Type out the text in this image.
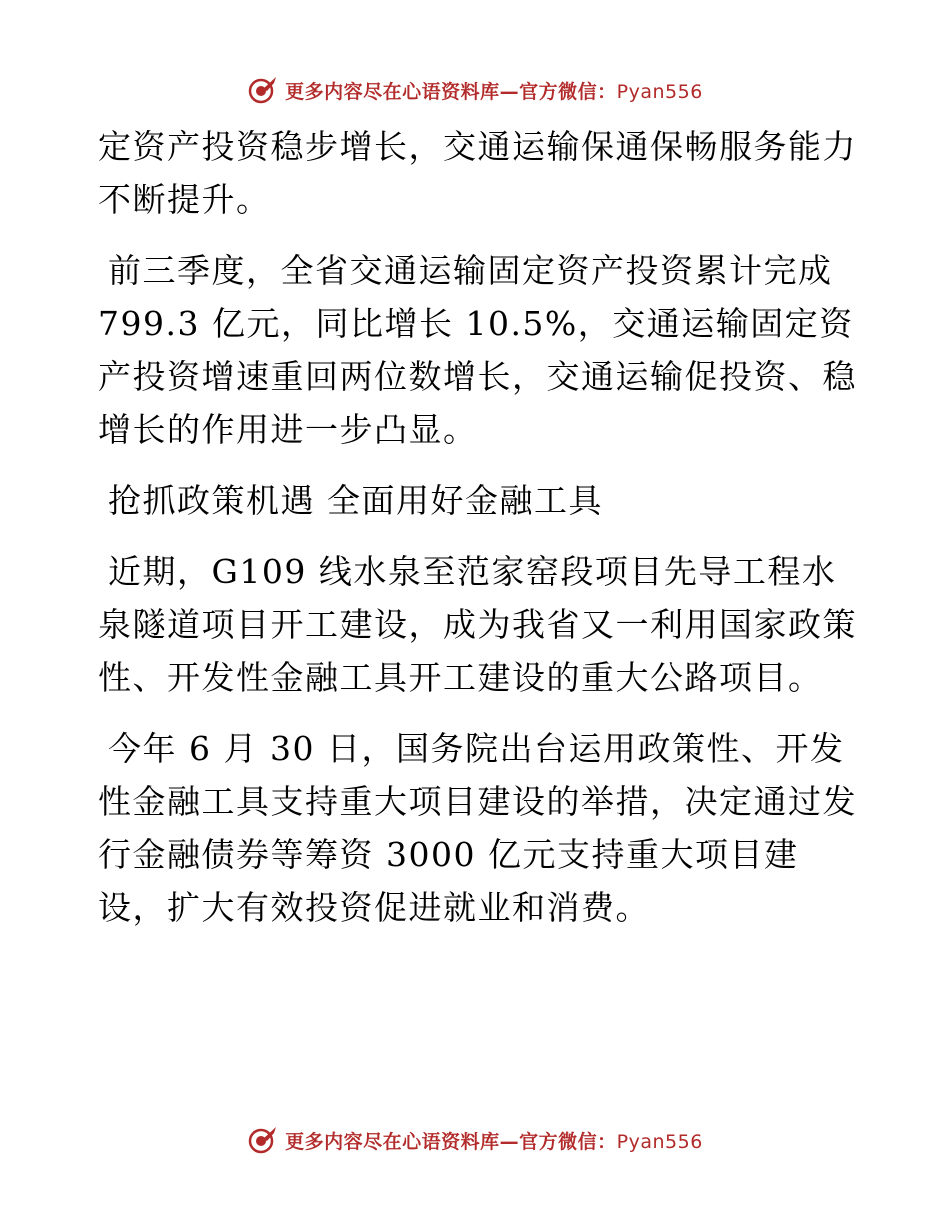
更多内容尽在心语资料库—官方微信：Pyan556

定资产投资稳步增长，交通运输保通保畅服务能力不断提升。

前三季度，全省交通运输固定资产投资累计完成 799.3 亿元，同比增长 10.5%，交通运输固定资产投资增速重回两位数增长，交通运输促投资、稳增长的作用进一步凸显。

抢抓政策机遇 全面用好金融工具

近期，G109 线水泉至范家窑段项目先导工程水泉隧道项目开工建设，成为我省又一利用国家政策性、开发性金融工具开工建设的重大公路项目。

今年 6 月 30 日，国务院出台运用政策性、开发性金融工具支持重大项目建设的举措，决定通过发行金融债券等筹资 3000 亿元支持重大项目建设，扩大有效投资促进就业和消费。

更多内容尽在心语资料库—官方微信：Pyan556
